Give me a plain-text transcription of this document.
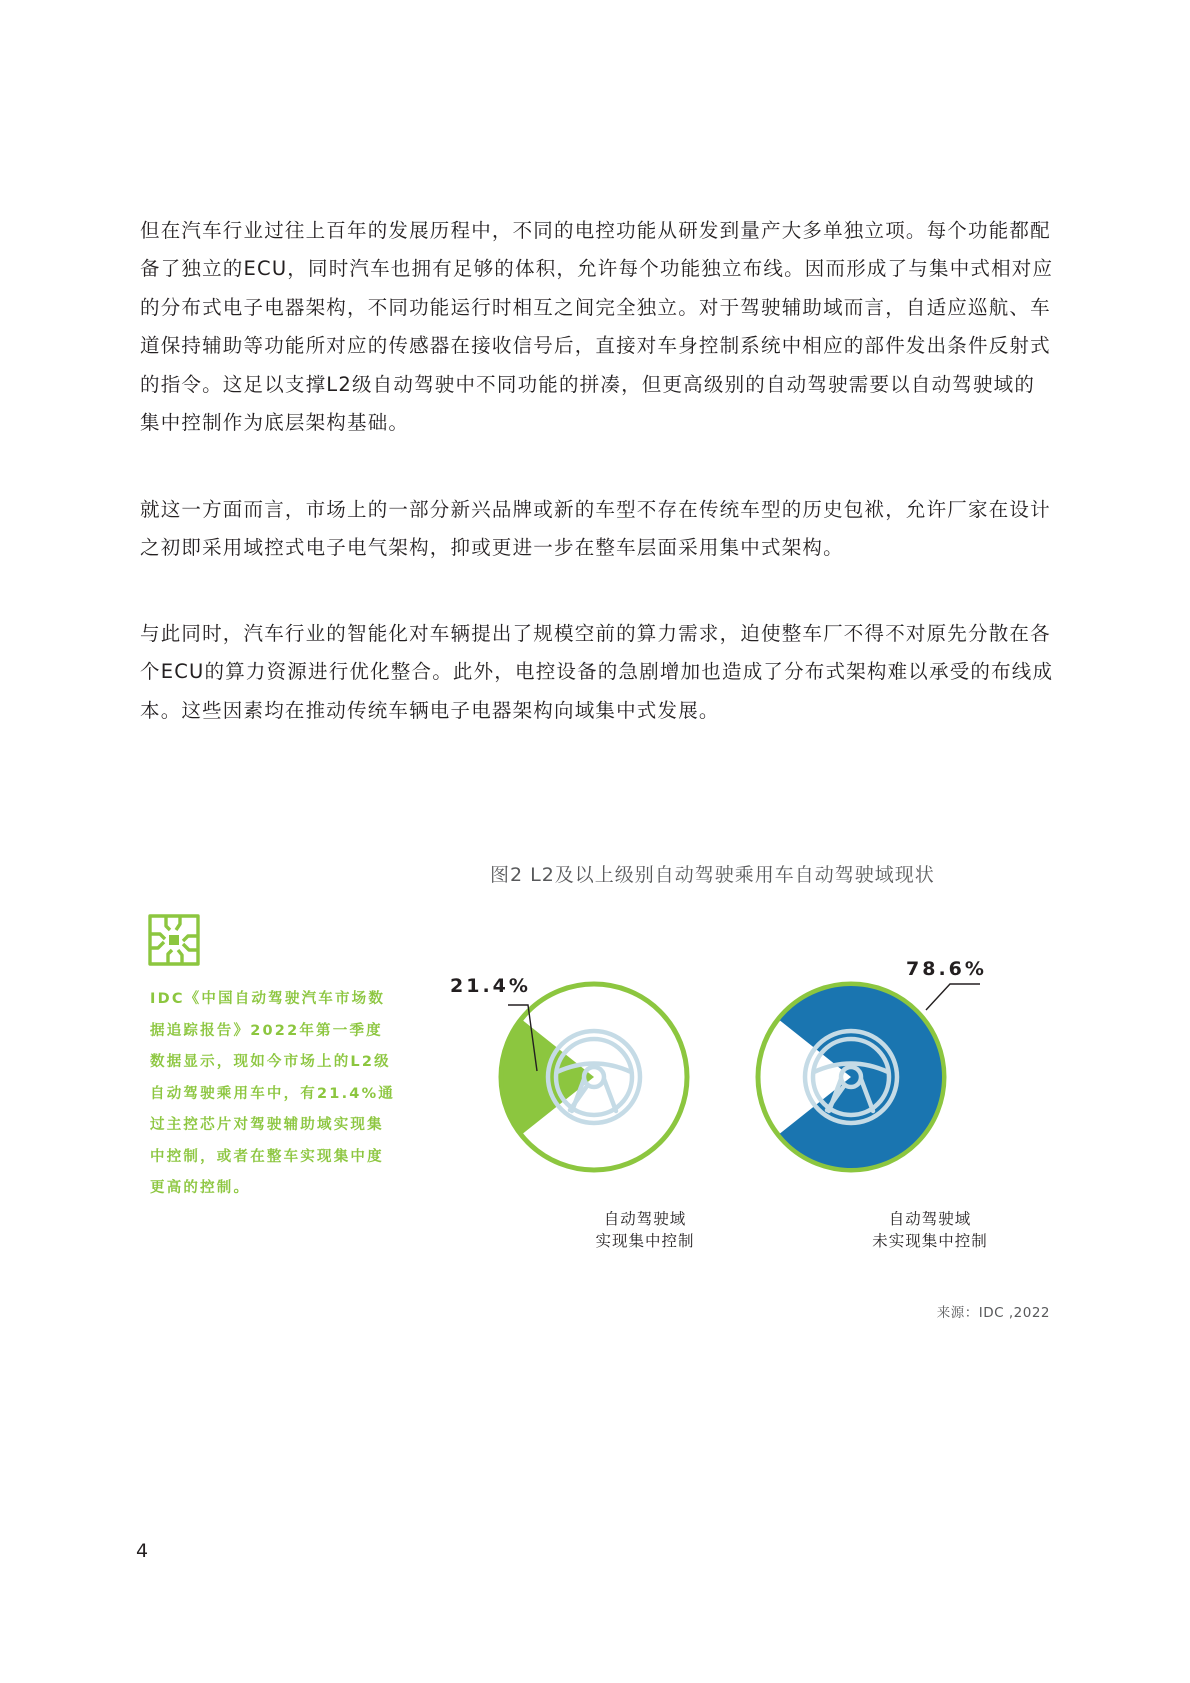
但在汽车行业过往上百年的发展历程中，不同的电控功能从研发到量产大多单独立项。每个功能都配备了独立的ECU，同时汽车也拥有足够的体积，允许每个功能独立布线。因而形成了与集中式相对应的分布式电子电器架构，不同功能运行时相互之间完全独立。对于驾驶辅助域而言，自适应巡航、车道保持辅助等功能所对应的传感器在接收信号后，直接对车身控制系统中相应的部件发出条件反射式的指令。这足以支撑L2级自动驾驶中不同功能的拼凑，但更高级别的自动驾驶需要以自动驾驶域的集中控制作为底层架构基础。

就这一方面而言，市场上的一部分新兴品牌或新的车型不存在传统车型的历史包袱，允许厂家在设计之初即采用域控式电子电气架构，抑或更进一步在整车层面采用集中式架构。

与此同时，汽车行业的智能化对车辆提出了规模空前的算力需求，迫使整车厂不得不对原先分散在各个ECU的算力资源进行优化整合。此外，电控设备的急剧增加也造成了分布式架构难以承受的布线成本。这些因素均在推动传统车辆电子电器架构向域集中式发展。

图2 L2及以上级别自动驾驶乘用车自动驾驶域现状

IDC《中国自动驾驶汽车市场数据追踪报告》2022年第一季度数据显示，现如今市场上的L2级自动驾驶乘用车中，有21.4%通过主控芯片对驾驶辅助域实现集中控制，或者在整车实现集中度更高的控制。

21.4%
78.6%
自动驾驶域
实现集中控制
自动驾驶域
未实现集中控制
来源：IDC ,2022
4
